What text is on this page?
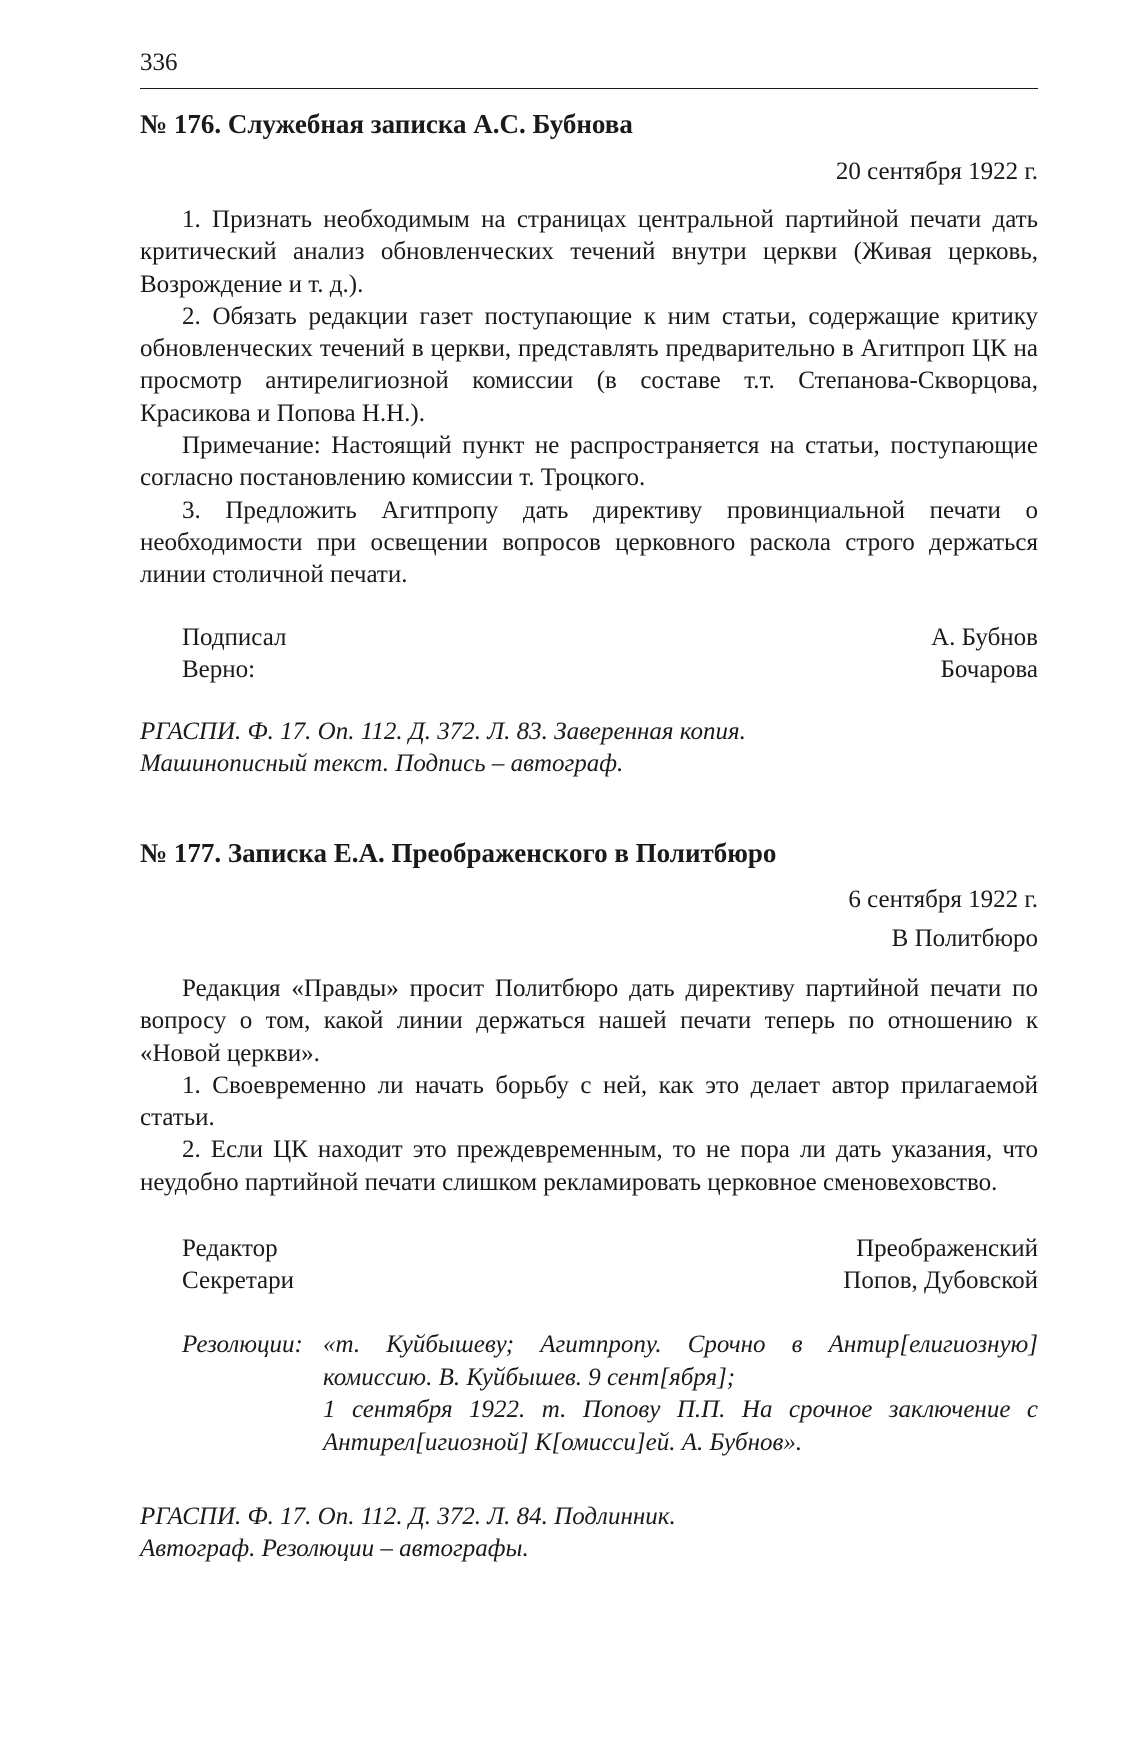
336
№ 176. Служебная записка А.С. Бубнова

20 сентября 1922 г.

1. Признать необходимым на страницах центральной партийной печати дать критический анализ обновленческих течений внутри церкви (Живая церковь, Возрождение и т. д.).

2. Обязать редакции газет поступающие к ним статьи, содержащие критику обновленческих течений в церкви, представлять предварительно в Агитпроп ЦК на просмотр антирелигиозной комиссии (в составе т.т. Степанова-Скворцова, Красикова и Попова Н.Н.).

Примечание: Настоящий пункт не распространяется на статьи, поступающие согласно постановлению комиссии т. Троцкого.

3. Предложить Агитпропу дать директиву провинциальной печати о необходимости при освещении вопросов церковного раскола строго держаться линии столичной печати.

Подписал	А. Бубнов
Верно:	Бочарова

РГАСПИ. Ф. 17. Оп. 112. Д. 372. Л. 83. Заверенная копия.

Машинописный текст. Подпись – автограф.

№ 177. Записка Е.А. Преображенского в Политбюро

6 сентября 1922 г.

В Политбюро

Редакция «Правды» просит Политбюро дать директиву партийной печати по вопросу о том, какой линии держаться нашей печати теперь по отношению к «Новой церкви».

1. Своевременно ли начать борьбу с ней, как это делает автор прилагаемой статьи.

2. Если ЦК находит это преждевременным, то не пора ли дать указания, что неудобно партийной печати слишком рекламировать церковное сменовеховство.

Редактор	Преображенский
Секретари	Попов, Дубовской
Резолюции: «т. Куйбышеву; Агитпропу. Срочно в Антир[елигиозную]

комиссию. В. Куйбышев. 9 сент[ября];

1 сентября 1922. т. Попову П.П. На срочное заключение с

Антирел[игиозной] К[омисси]ей. А. Бубнов».

РГАСПИ. Ф. 17. Оп. 112. Д. 372. Л. 84. Подлинник.

Автограф. Резолюции – автографы.
